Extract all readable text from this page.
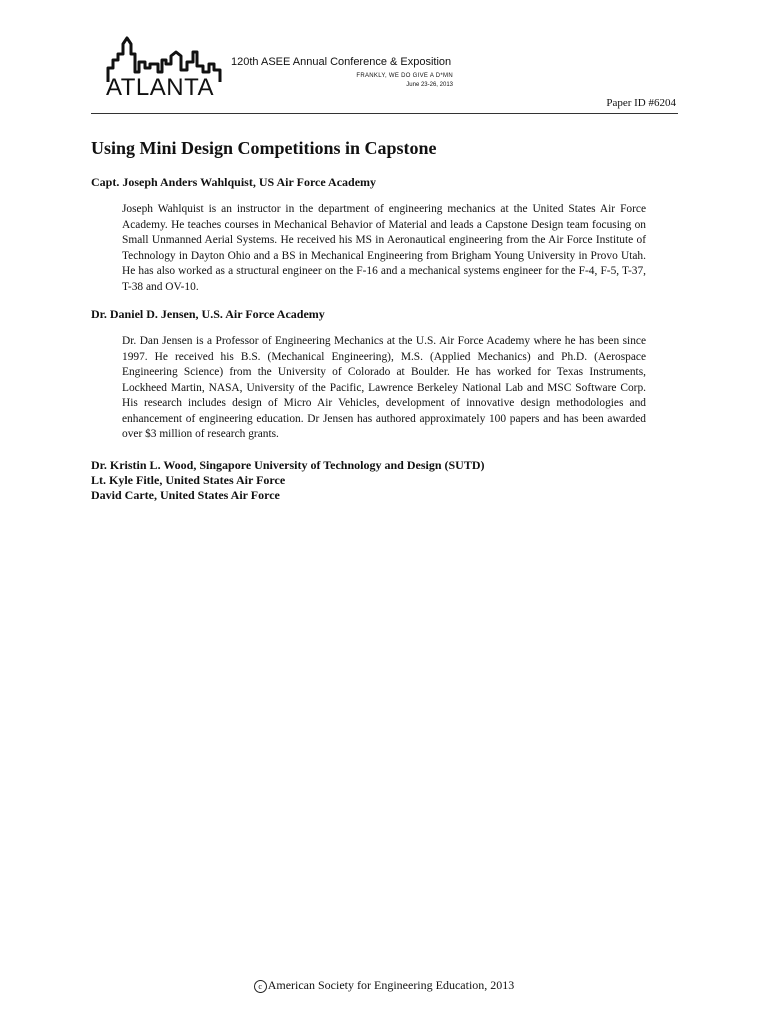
ATLANTA
120th ASEE Annual Conference & Exposition
FRANKLY, WE DO GIVE A D*MN
June 23-26, 2013
Paper ID #6204
Using Mini Design Competitions in Capstone
Capt. Joseph Anders Wahlquist, US Air Force Academy

Joseph Wahlquist is an instructor in the department of engineering mechanics at the United States Air Force Academy. He teaches courses in Mechanical Behavior of Material and leads a Capstone Design team focusing on Small Unmanned Aerial Systems. He received his MS in Aeronautical engineering from the Air Force Institute of Technology in Dayton Ohio and a BS in Mechanical Engineering from Brigham Young University in Provo Utah. He has also worked as a structural engineer on the F-16 and a mechanical systems engineer for the F-4, F-5, T-37, T-38 and OV-10.

Dr. Daniel D. Jensen, U.S. Air Force Academy

Dr. Dan Jensen is a Professor of Engineering Mechanics at the U.S. Air Force Academy where he has been since 1997. He received his B.S. (Mechanical Engineering), M.S. (Applied Mechanics) and Ph.D. (Aerospace Engineering Science) from the University of Colorado at Boulder. He has worked for Texas Instruments, Lockheed Martin, NASA, University of the Pacific, Lawrence Berkeley National Lab and MSC Software Corp. His research includes design of Micro Air Vehicles, development of innovative design methodologies and enhancement of engineering education. Dr Jensen has authored approximately 100 papers and has been awarded over $3 million of research grants.

Dr. Kristin L. Wood, Singapore University of Technology and Design (SUTD)
Lt. Kyle Fitle, United States Air Force
David Carte, United States Air Force
c American Society for Engineering Education, 2013
